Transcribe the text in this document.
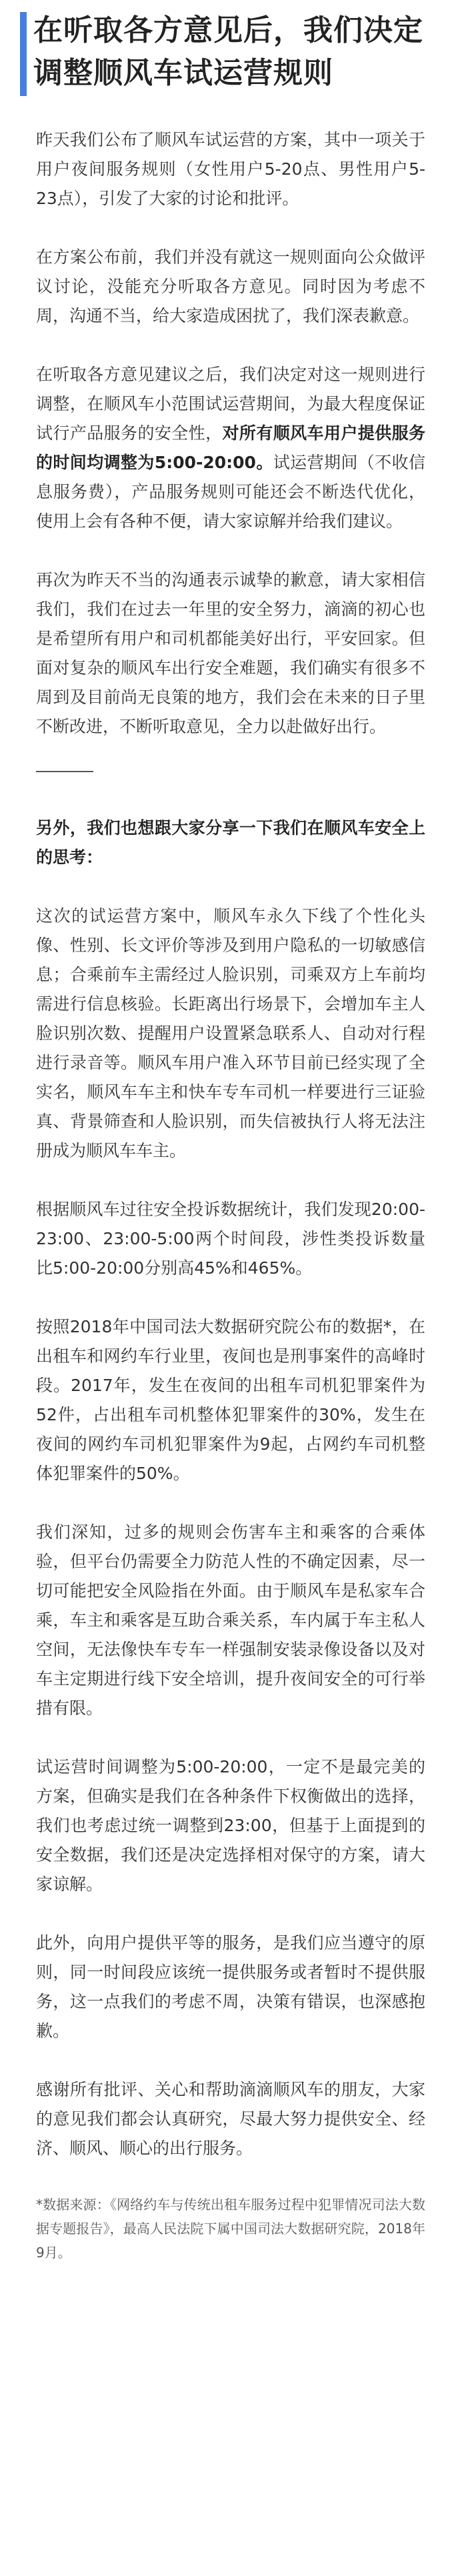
在听取各方意见后，我们决定调整顺风车试运营规则

昨天我们公布了顺风车试运营的方案，其中一项关于用户夜间服务规则（女性用户5-20点、男性用户5-23点），引发了大家的讨论和批评。

在方案公布前，我们并没有就这一规则面向公众做评议讨论，没能充分听取各方意见。同时因为考虑不周，沟通不当，给大家造成困扰了，我们深表歉意。

在听取各方意见建议之后，我们决定对这一规则进行调整，在顺风车小范围试运营期间，为最大程度保证试行产品服务的安全性，对所有顺风车用户提供服务的时间均调整为5:00-20:00。试运营期间（不收信息服务费），产品服务规则可能还会不断迭代优化，使用上会有各种不便，请大家谅解并给我们建议。

再次为昨天不当的沟通表示诚挚的歉意，请大家相信我们，我们在过去一年里的安全努力，滴滴的初心也是希望所有用户和司机都能美好出行，平安回家。但面对复杂的顺风车出行安全难题，我们确实有很多不周到及目前尚无良策的地方，我们会在未来的日子里不断改进，不断听取意见，全力以赴做好出行。

另外，我们也想跟大家分享一下我们在顺风车安全上的思考：

这次的试运营方案中，顺风车永久下线了个性化头像、性别、长文评价等涉及到用户隐私的一切敏感信息；合乘前车主需经过人脸识别，司乘双方上车前均需进行信息核验。长距离出行场景下，会增加车主人脸识别次数、提醒用户设置紧急联系人、自动对行程进行录音等。顺风车用户准入环节目前已经实现了全实名，顺风车车主和快车专车司机一样要进行三证验真、背景筛查和人脸识别，而失信被执行人将无法注册成为顺风车车主。

根据顺风车过往安全投诉数据统计，我们发现20:00-23:00、23:00-5:00两个时间段，涉性类投诉数量比5:00-20:00分别高45%和465%。

按照2018年中国司法大数据研究院公布的数据*，在出租车和网约车行业里，夜间也是刑事案件的高峰时段。2017年，发生在夜间的出租车司机犯罪案件为52件，占出租车司机整体犯罪案件的30%，发生在夜间的网约车司机犯罪案件为9起，占网约车司机整体犯罪案件的50%。

我们深知，过多的规则会伤害车主和乘客的合乘体验，但平台仍需要全力防范人性的不确定因素，尽一切可能把安全风险指在外面。由于顺风车是私家车合乘，车主和乘客是互助合乘关系，车内属于车主私人空间，无法像快车专车一样强制安装录像设备以及对车主定期进行线下安全培训，提升夜间安全的可行举措有限。

试运营时间调整为5:00-20:00，一定不是最完美的方案，但确实是我们在各种条件下权衡做出的选择，我们也考虑过统一调整到23:00，但基于上面提到的安全数据，我们还是决定选择相对保守的方案，请大家谅解。

此外，向用户提供平等的服务，是我们应当遵守的原则，同一时间段应该统一提供服务或者暂时不提供服务，这一点我们的考虑不周，决策有错误，也深感抱歉。

感谢所有批评、关心和帮助滴滴顺风车的朋友，大家的意见我们都会认真研究，尽最大努力提供安全、经济、顺风、顺心的出行服务。

*数据来源：《网络约车与传统出租车服务过程中犯罪情况司法大数据专题报告》，最高人民法院下属中国司法大数据研究院，2018年9月。
